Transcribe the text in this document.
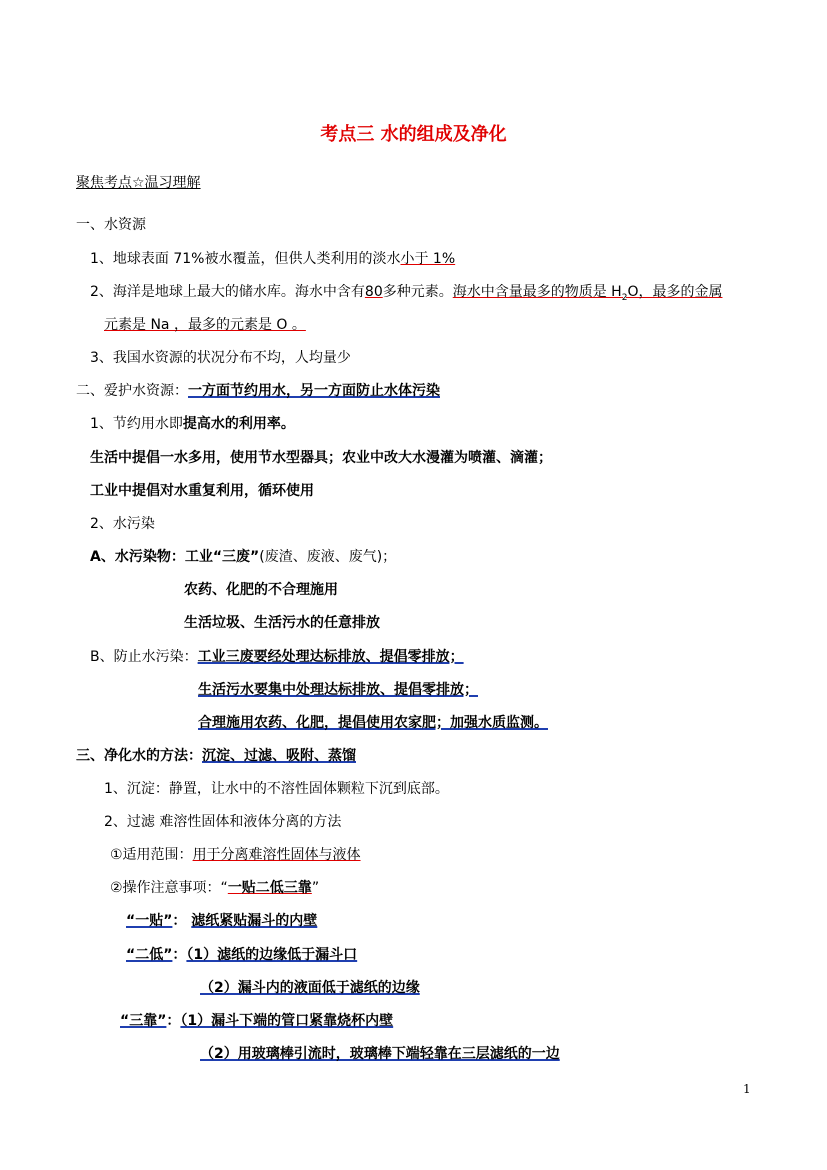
考点三 水的组成及净化
聚焦考点☆温习理解
一、水资源
1、地球表面 71%被水覆盖，但供人类利用的淡水小于 1%
2、海洋是地球上最大的储水库。海水中含有80多种元素。海水中含量最多的物质是 $H_2O$，最多的金属
元素是 Na ，最多的元素是 O 。
3、我国水资源的状况分布不均，人均量少
二、爱护水资源：一方面节约用水，另一方面防止水体污染
1、节约用水即提高水的利用率。
生活中提倡一水多用，使用节水型器具；农业中改大水漫灌为喷灌、滴灌；
工业中提倡对水重复利用，循环使用
2、水污染
A、水污染物：工业“三废”(废渣、废液、废气)；
农药、化肥的不合理施用
生活垃圾、生活污水的任意排放
B、防止水污染：工业三废要经处理达标排放、提倡零排放；
生活污水要集中处理达标排放、提倡零排放；
合理施用农药、化肥，提倡使用农家肥；加强水质监测。
三、净化水的方法：沉淀、过滤、吸附、蒸馏
1、沉淀：静置，让水中的不溶性固体颗粒下沉到底部。
2、过滤 难溶性固体和液体分离的方法
①适用范围：用于分离难溶性固体与液体
②操作注意事项：“一贴二低三靠”
“一贴”： 滤纸紧贴漏斗的内壁
“二低”：（1）滤纸的边缘低于漏斗口
（2）漏斗内的液面低于滤纸的边缘
“三靠”：（1）漏斗下端的管口紧靠烧杯内壁
（2）用玻璃棒引流时，玻璃棒下端轻靠在三层滤纸的一边
1
